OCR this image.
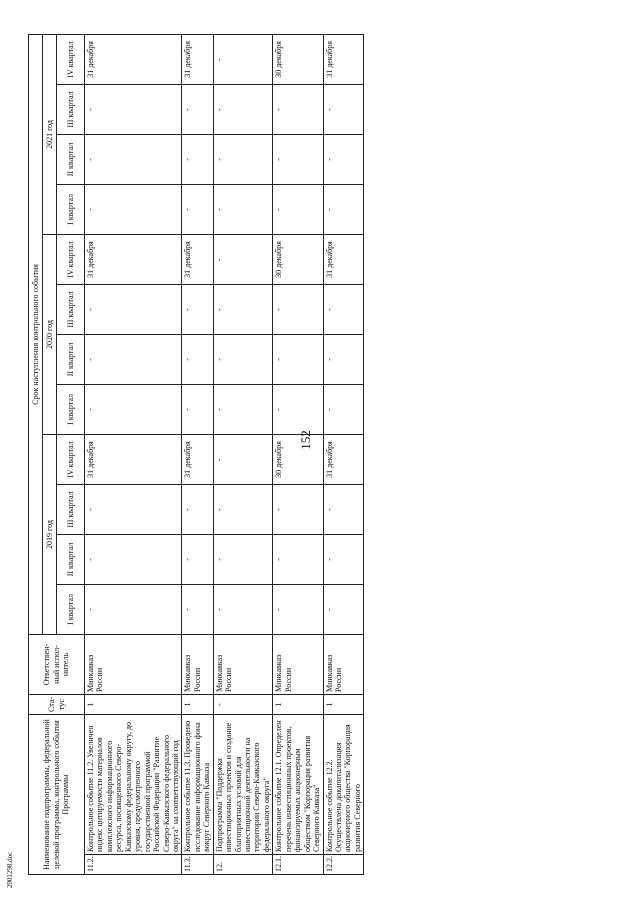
152
2901298.doc
Наименование подпрограммы, федеральной целевой программы, контрольного события Программы		Ста-тус	Ответствен-ный испол-нитель	Срок наступления контрольного события											
				2019 год				2020 год				2021 год			
				I квартал	II квартал	III квартал	IV квартал	I квартал	II квартал	III квартал	IV квартал	I квартал	II квартал	III квартал	IV квартал
11.2.	Контрольное событие 11.2. Увеличен индекс цитируемости материалов комплексного информационного ресурса, посвященного Северо-Кавказскому федеральному округу, до уровня, предусмотренного государственной программой Российской Федерации "Развитие Северо-Кавказского федерального округа" на соответствующий год	1	Минкавказ России	-	-	-	31 декабря	-	-	-	31 декабря	-	-	-	31 декабря
11.3.	Контрольное событие 11.3. Проведено исследование информационного фона вокруг Северного Кавказа	1	Минкавказ России	-	-	-	31 декабря	-	-	-	31 декабря	-	-	-	31 декабря
12.	Подпрограмма "Поддержка инвестиционных проектов и создание благоприятных условий для инвестиционной деятельности на территории Северо-Кавказского федерального округа"	-	Минкавказ России	-	-	-	-	-	-	-	-	-	-	-	-
12.1.	Контрольное событие 12.1. Определен перечень инвестиционных проектов, финансируемых акционерным обществом "Корпорация развития Северного Кавказа"	1	Минкавказ России	-	-	-	30 декабря	-	-	-	30 декабря	-	-	-	30 декабря
12.2.	Контрольное событие 12.2. Осуществлена докапитализация акционерного общества "Корпорация развития Северного	1	Минкавказ России	-	-	-	31 декабря	-	-	-	31 декабря	-	-	-	31 декабря
